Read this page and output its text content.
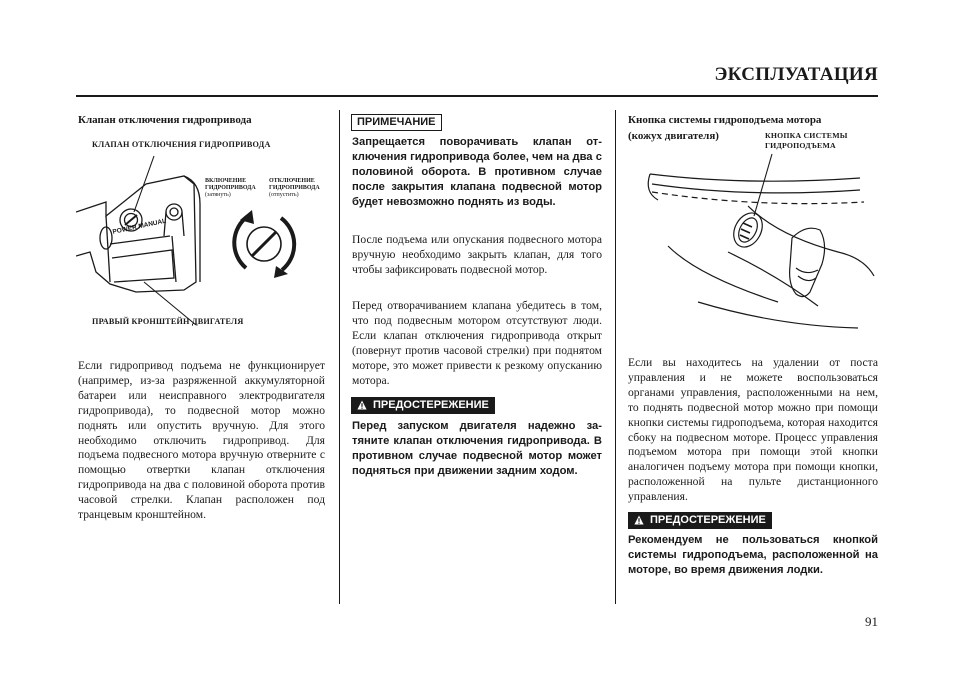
ЭКСПЛУАТАЦИЯ
Клапан отключения гидропривода
КЛАПАН ОТКЛЮЧЕНИЯ ГИДРОПРИВОДА
ВКЛЮЧЕНИЕ
ГИДРОПРИВОДА
(затянуть)
ОТКЛЮЧЕНИЕ
ГИДРОПРИВОДА
(отпустить)
POWER MANUAL
ПРАВЫЙ КРОНШТЕЙН ДВИГАТЕЛЯ

Если гидропривод подъема не функционирует (например, из-за разряженной аккумуляторной батареи или неисправного электродвигателя гидропривода), то подвесной мотор можно поднять или опустить вручную. Для этого необходимо отключить гидропривод. Для подъема подвесного мотора вручную отверните с помощью отвертки клапан отключения гидропривода на два с половиной оборота против часовой стрелки. Клапан расположен под транцевым кронштейном.

ПРИМЕЧАНИЕ

Запрещается поворачивать клапан отключения гидропривода более, чем на два с половиной оборота. В противном случае после закрытия клапана подвесной мотор будет невозможно поднять из воды.

После подъема или опускания подвесного мотора вручную необходимо закрыть клапан, для того чтобы зафиксировать подвесной мотор.

Перед отворачиванием клапана убедитесь в том, что под подвесным мотором отсутствуют люди. Если клапан отключения гидропривода открыт (повернут против часовой стрелки) при поднятом моторе, это может привести к резкому опусканию мотора.

ПРЕДОСТЕРЕЖЕНИЕ

Перед запуском двигателя надежно затяните клапан отключения гидропривода. В противном случае подвесной мотор может подняться при движении задним ходом.

Кнопка системы гидроподъема мотора
(кожух двигателя)	КНОПКА СИСТЕМЫ
ГИДРОПОДЪЕМА

Если вы находитесь на удалении от поста управления и не можете воспользоваться органами управления, расположенными на нем, то поднять подвесной мотор можно при помощи кнопки системы гидроподъема, которая находится сбоку на подвесном моторе. Процесс управления подъемом мотора при помощи этой кнопки аналогичен подъему мотора при помощи кнопки, расположенной на пульте дистанционного управления.

ПРЕДОСТЕРЕЖЕНИЕ

Рекомендуем не пользоваться кнопкой системы гидроподъема, расположенной на моторе, во время движения лодки.

91
